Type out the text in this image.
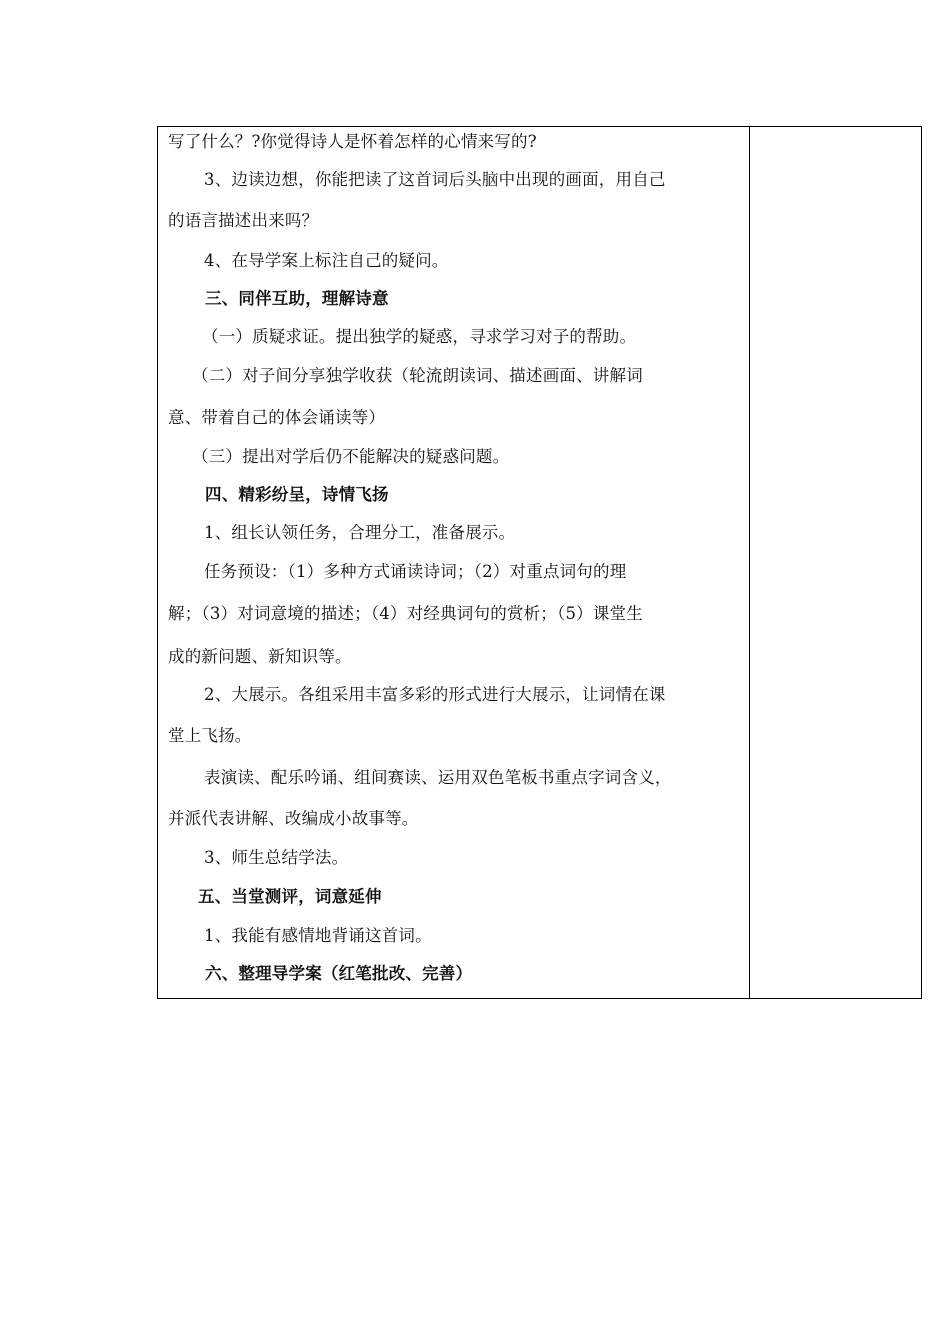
写了什么？?你觉得诗人是怀着怎样的心情来写的?
3、边读边想，你能把读了这首词后头脑中出现的画面，用自己
的语言描述出来吗？
4、在导学案上标注自己的疑问。
三、同伴互助，理解诗意
（一）质疑求证。提出独学的疑惑，寻求学习对子的帮助。
（二）对子间分享独学收获（轮流朗读词、描述画面、讲解词
意、带着自己的体会诵读等）
（三）提出对学后仍不能解决的疑惑问题。
四、精彩纷呈，诗情飞扬
1、组长认领任务，合理分工，准备展示。
任务预设：（1）多种方式诵读诗词；（2）对重点词句的理
解；（3）对词意境的描述；（4）对经典词句的赏析；（5）课堂生
成的新问题、新知识等。
2、大展示。各组采用丰富多彩的形式进行大展示，让词情在课
堂上飞扬。
表演读、配乐吟诵、组间赛读、运用双色笔板书重点字词含义，
并派代表讲解、改编成小故事等。
3、师生总结学法。
五、当堂测评，词意延伸
1、我能有感情地背诵这首词。
六、整理导学案（红笔批改、完善）
